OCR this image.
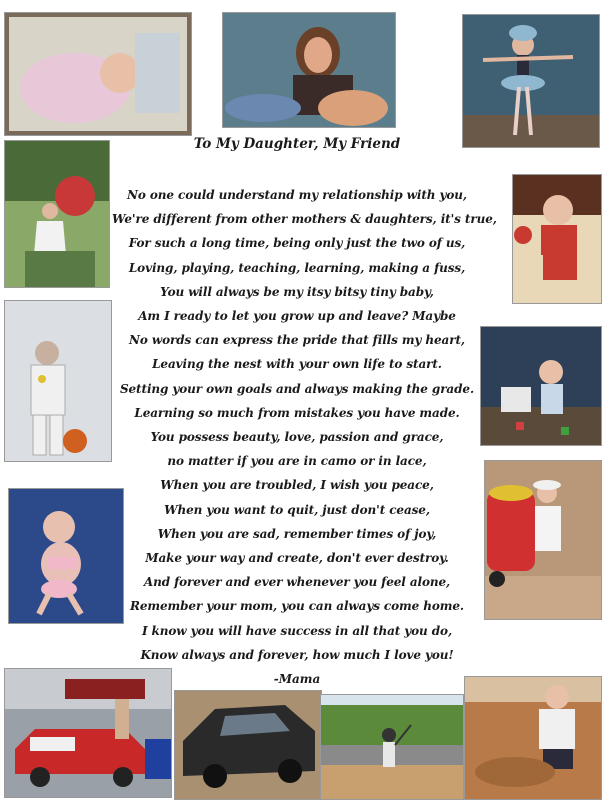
To My Daughter, My Friend
No one could understand my relationship with you,
We're different from other mothers & daughters, it's true,
For such a long time, being only just the two of us,
Loving, playing, teaching, learning, making a fuss,
You will always be my itsy bitsy tiny baby,
Am I ready to let you grow up and leave? Maybe
No words can express the pride that fills my heart,
Leaving the nest with your own life to start.
Setting your own goals and always making the grade.
Learning so much from mistakes you have made.
You possess beauty, love, passion and grace,
no matter if you are in camo or in lace,
When you are troubled, I wish you peace,
When you want to quit, just don't cease,
When you are sad, remember times of joy,
Make your way and create, don't ever destroy.
And forever and ever whenever you feel alone,
Remember your mom, you can always come home.
I know you will have success in all that you do,
Know always and forever, how much I love you!
-Mama
